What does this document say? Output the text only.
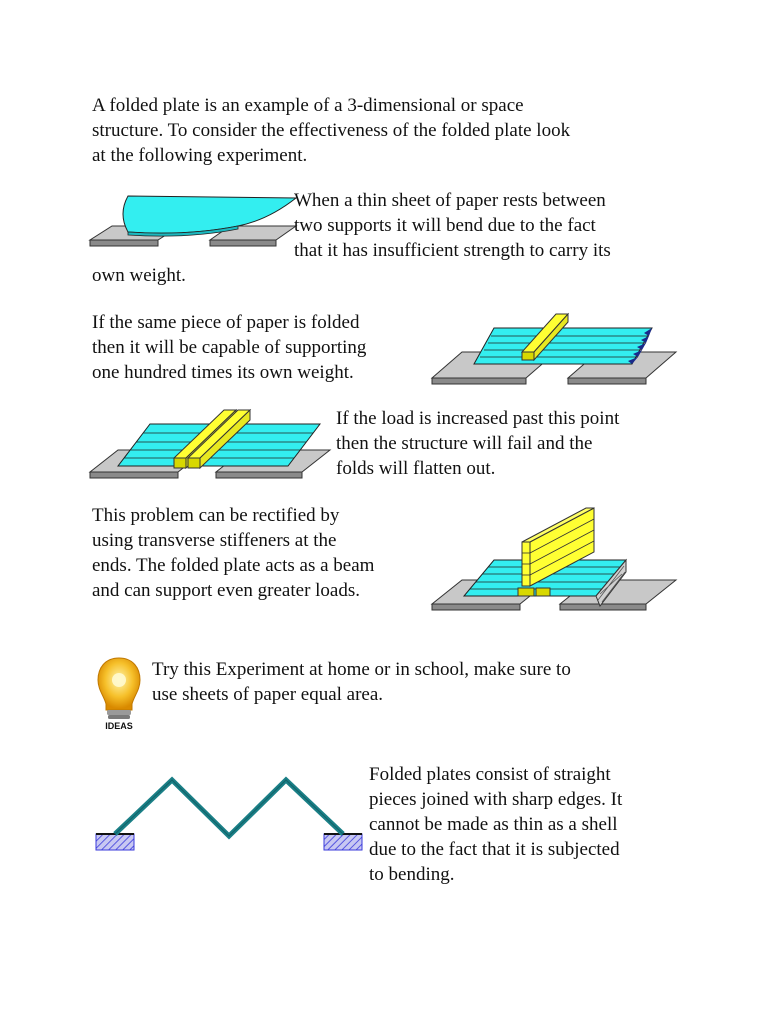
A folded plate is an example of a 3-dimensional or space
structure. To consider the effectiveness of the folded plate look
at the following experiment.

When a thin sheet of paper rests between
two supports it will bend due to the fact
that it has insufficient strength to carry its

own weight.

If the same piece of paper is folded
then it will be capable of supporting
one hundred times its own weight.

If the load is increased past this point
then the structure will fail and the
folds will flatten out.

This problem can be rectified by
using transverse stiffeners at the
ends. The folded plate acts as a beam
and can support even greater loads.

IDEAS

Try this Experiment at home or in school, make sure to
use sheets of paper equal area.

Folded plates consist of straight
pieces joined with sharp edges. It
cannot be made as thin as a shell
due to the fact that it is subjected
to bending.
